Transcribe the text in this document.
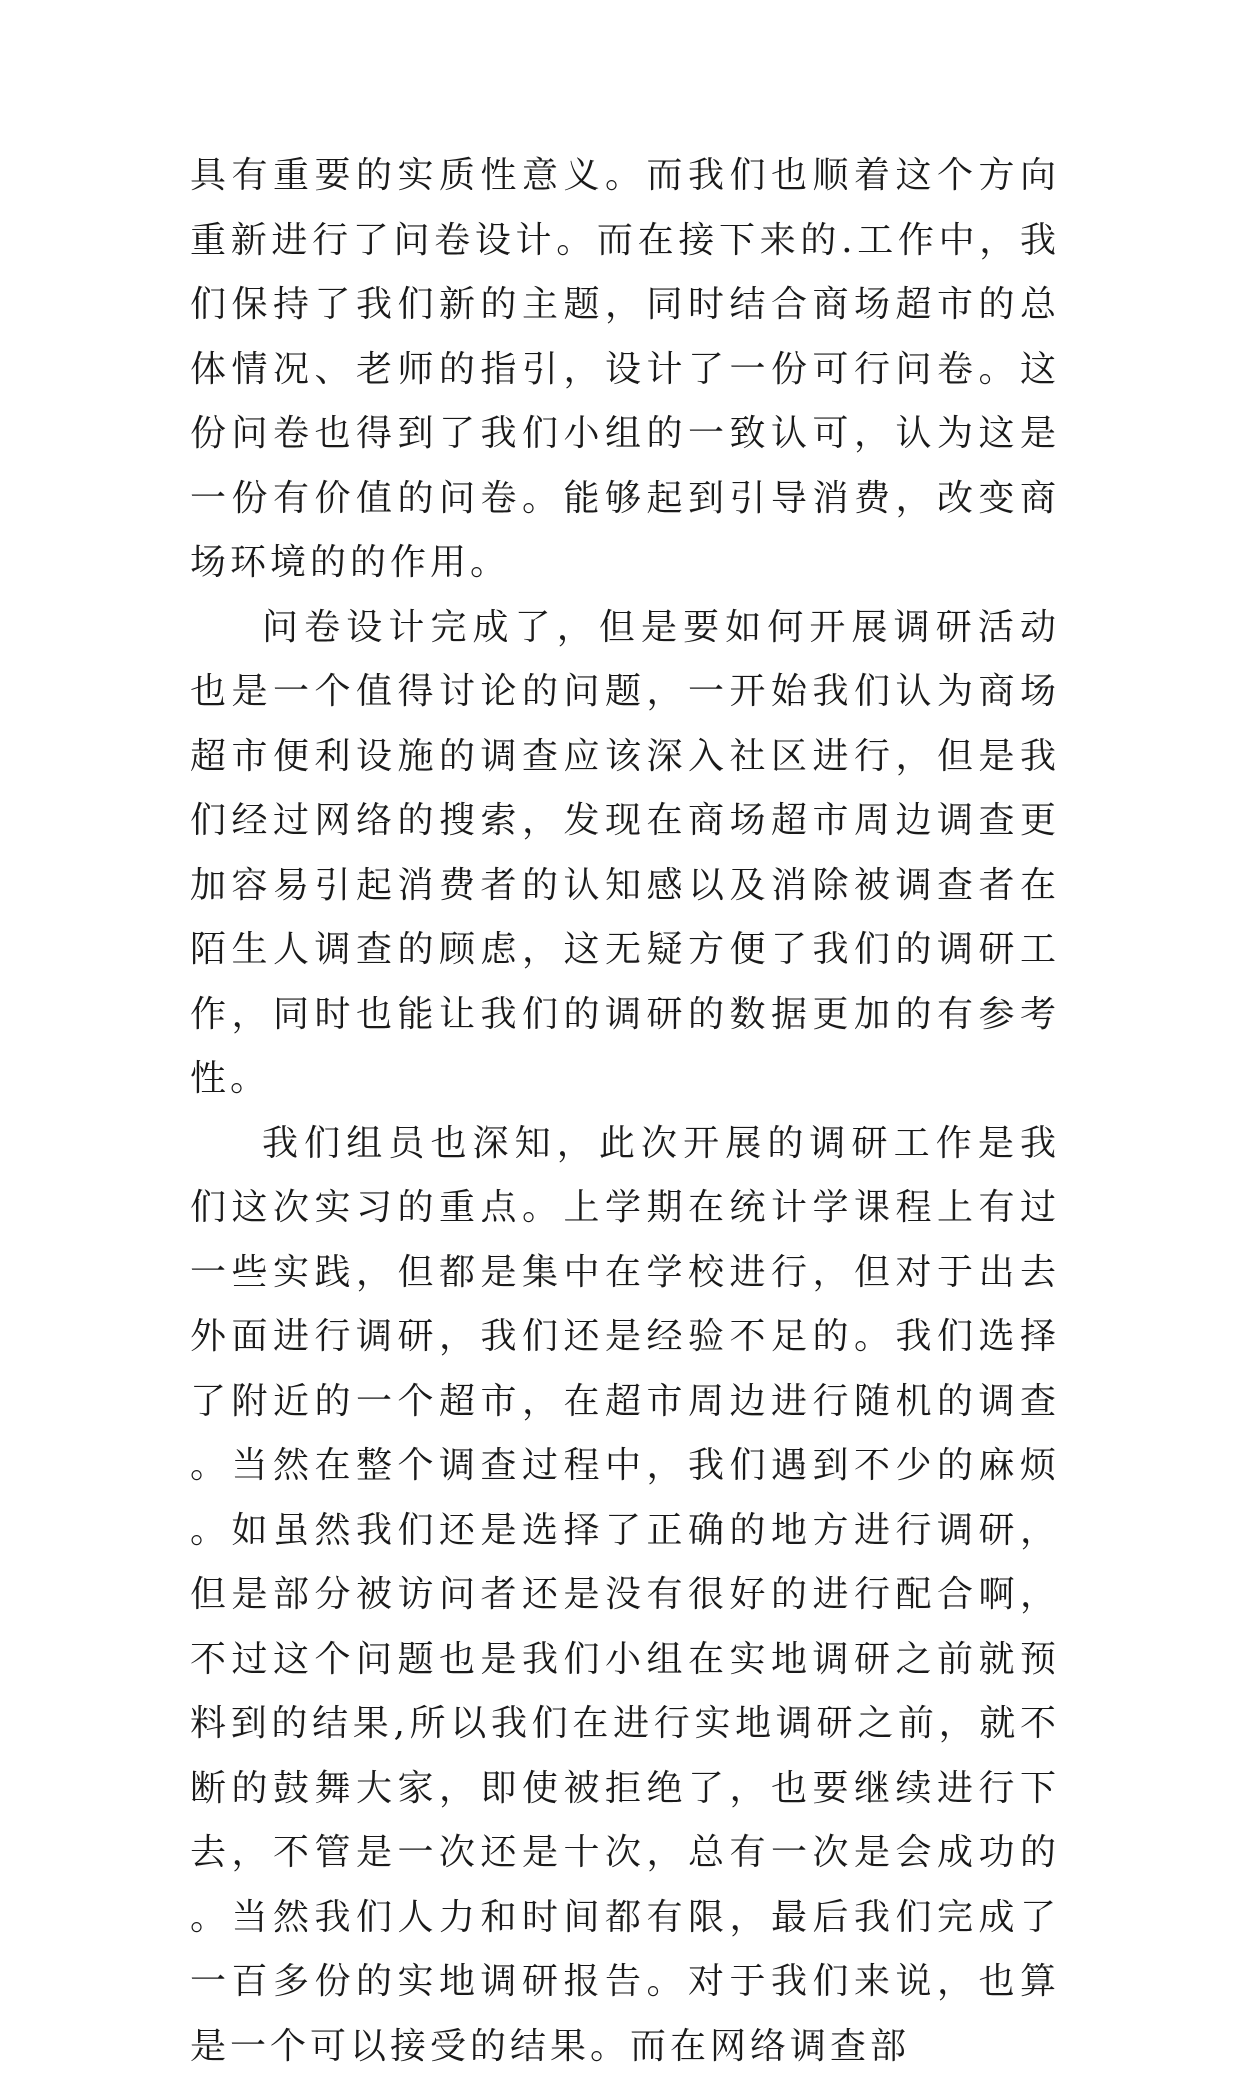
具有重要的实质性意义。而我们也顺着这个方向重新进行了问卷设计。而在接下来的.工作中，我们保持了我们新的主题，同时结合商场超市的总体情况、老师的指引，设计了一份可行问卷。这份问卷也得到了我们小组的一致认可，认为这是一份有价值的问卷。能够起到引导消费，改变商场环境的的作用。

问卷设计完成了，但是要如何开展调研活动也是一个值得讨论的问题，一开始我们认为商场超市便利设施的调查应该深入社区进行，但是我们经过网络的搜索，发现在商场超市周边调查更加容易引起消费者的认知感以及消除被调查者在陌生人调查的顾虑，这无疑方便了我们的调研工作，同时也能让我们的调研的数据更加的有参考性。

我们组员也深知，此次开展的调研工作是我们这次实习的重点。上学期在统计学课程上有过一些实践，但都是集中在学校进行，但对于出去外面进行调研，我们还是经验不足的。我们选择了附近的一个超市，在超市周边进行随机的调查。当然在整个调查过程中，我们遇到不少的麻烦。如虽然我们还是选择了正确的地方进行调研，但是部分被访问者还是没有很好的进行配合啊，不过这个问题也是我们小组在实地调研之前就预料到的结果,所以我们在进行实地调研之前，就不断的鼓舞大家，即使被拒绝了，也要继续进行下去，不管是一次还是十次，总有一次是会成功的。当然我们人力和时间都有限，最后我们完成了一百多份的实地调研报告。对于我们来说，也算是一个可以接受的结果。而在网络调查部
